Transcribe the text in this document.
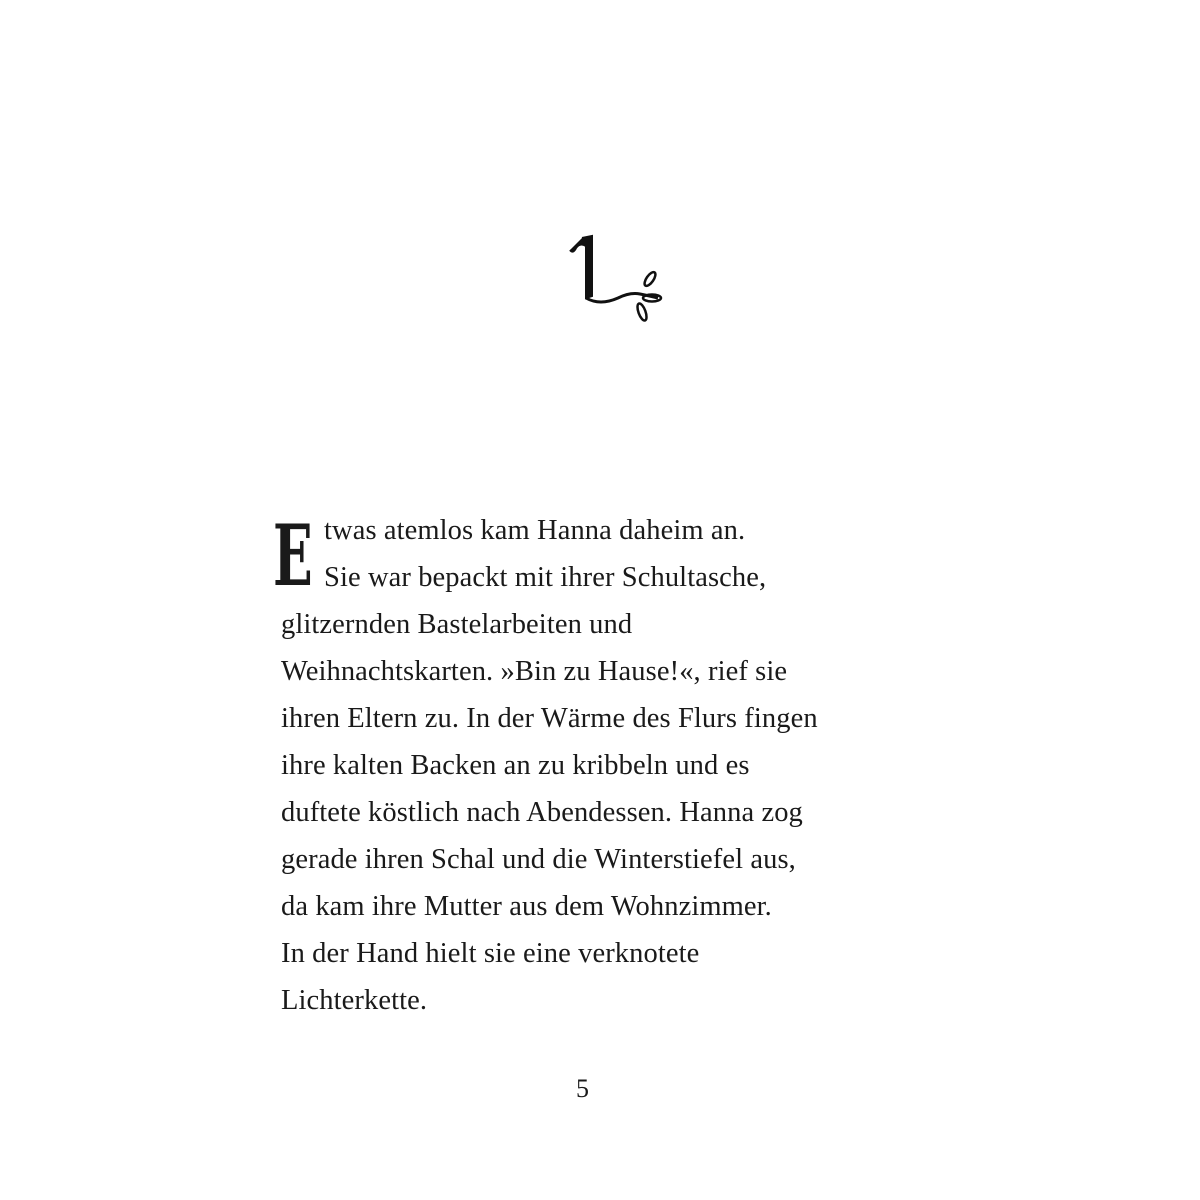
E twas atemlos kam Hanna daheim an.
Sie war bepackt mit ihrer Schultasche,
glitzernden Bastelarbeiten und
Weihnachtskarten. »Bin zu Hause!«, rief sie
ihren Eltern zu. In der Wärme des Flurs fingen
ihre kalten Backen an zu kribbeln und es
duftete köstlich nach Abendessen. Hanna zog
gerade ihren Schal und die Winterstiefel aus,
da kam ihre Mutter aus dem Wohnzimmer.
In der Hand hielt sie eine verknotete
Lichterkette.
5
